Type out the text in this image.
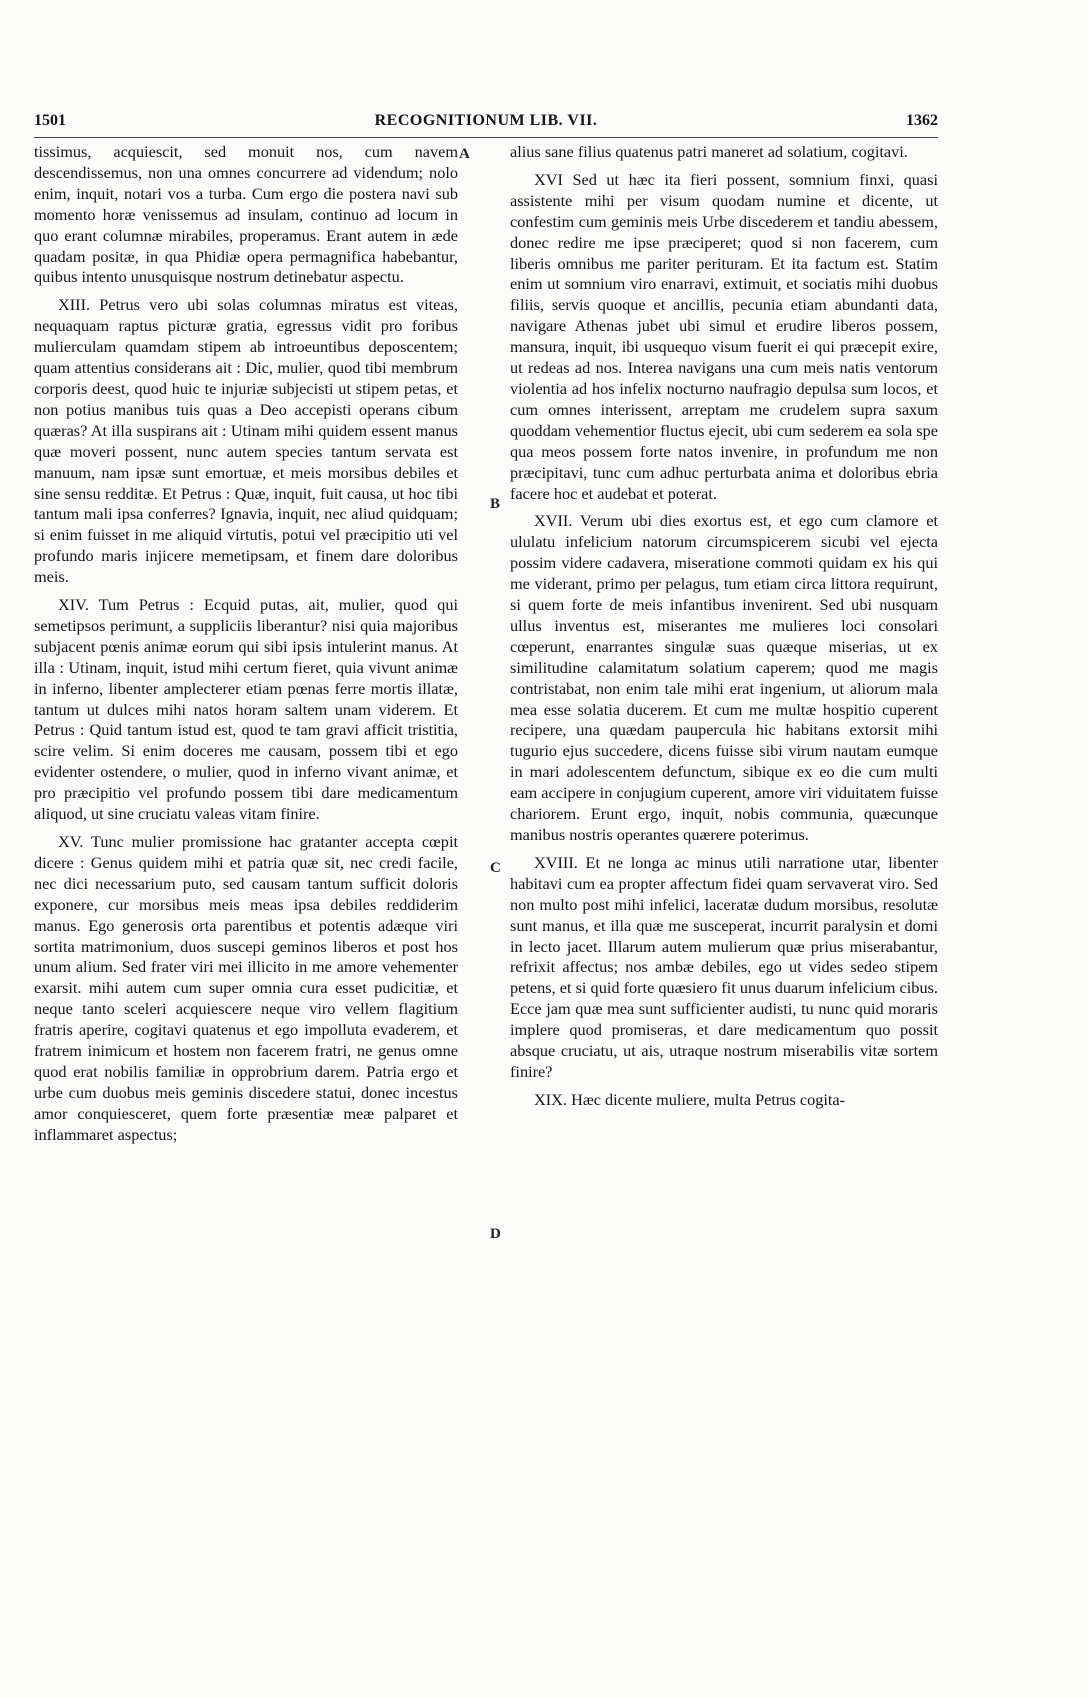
1501	RECOGNITIONUM LIB. VII.	1362

tissimus, acquiescit, sed monuit nos, cum navem descendissemus, non una omnes concurrere ad videndum; nolo enim, inquit, notari vos a turba. Cum ergo die postera navi sub momento horæ venissemus ad insulam, continuo ad locum in quo erant columnæ mirabiles, properamus. Erant autem in æde quadam positæ, in qua Phidiæ opera permagnifica habebantur, quibus intento unusquisque nostrum detinebatur aspectu.

XIII. Petrus vero ubi solas columnas miratus est viteas, nequaquam raptus picturæ gratia, egressus vidit pro foribus mulierculam quamdam stipem ab introeuntibus deposcentem; quam attentius considerans ait : Dic, mulier, quod tibi membrum corporis deest, quod huic te injuriæ subjecisti ut stipem petas, et non potius manibus tuis quas a Deo accepisti operans cibum quæras? At illa suspirans ait : Utinam mihi quidem essent manus quæ moveri possent, nunc autem species tantum servata est manuum, nam ipsæ sunt emortuæ, et meis morsibus debiles et sine sensu redditæ. Et Petrus : Quæ, inquit, fuit causa, ut hoc tibi tantum mali ipsa conferres? Ignavia, inquit, nec aliud quidquam; si enim fuisset in me aliquid virtutis, potui vel præcipitio uti vel profundo maris injicere memetipsam, et finem dare doloribus meis.

XIV. Tum Petrus : Ecquid putas, ait, mulier, quod qui semetipsos perimunt, a suppliciis liberantur? nisi quia majoribus subjacent pœnis animæ eorum qui sibi ipsis intulerint manus. At illa : Utinam, inquit, istud mihi certum fieret, quia vivunt animæ in inferno, libenter amplecterer etiam pœnas ferre mortis illatæ, tantum ut dulces mihi natos horam saltem unam viderem. Et Petrus : Quid tantum istud est, quod te tam gravi afficit tristitia, scire velim. Si enim doceres me causam, possem tibi et ego evidenter ostendere, o mulier, quod in inferno vivant animæ, et pro præcipitio vel profundo possem tibi dare medicamentum aliquod, ut sine cruciatu valeas vitam finire.

XV. Tunc mulier promissione hac gratanter accepta cœpit dicere : Genus quidem mihi et patria quæ sit, nec credi facile, nec dici necessarium puto, sed causam tantum sufficit doloris exponere, cur morsibus meis meas ipsa debiles reddiderim manus. Ego generosis orta parentibus et potentis adæque viri sortita matrimonium, duos suscepi geminos liberos et post hos unum alium. Sed frater viri mei illicito in me amore vehementer exarsit. mihi autem cum super omnia cura esset pudicitiæ, et neque tanto sceleri acquiescere neque viro vellem flagitium fratris aperire, cogitavi quatenus et ego impolluta evaderem, et fratrem inimicum et hostem non facerem fratri, ne genus omne quod erat nobilis familiæ in opprobrium darem. Patria ergo et urbe cum duobus meis geminis discedere statui, donec incestus amor conquiesceret, quem forte præsentiæ meæ palparet et inflammaret aspectus;

A
B
C
D

alius sane filius quatenus patri maneret ad solatium, cogitavi.

XVI Sed ut hæc ita fieri possent, somnium finxi, quasi assistente mihi per visum quodam numine et dicente, ut confestim cum geminis meis Urbe discederem et tandiu abessem, donec redire me ipse præciperet; quod si non facerem, cum liberis omnibus me pariter perituram. Et ita factum est. Statim enim ut somnium viro enarravi, extimuit, et sociatis mihi duobus filiis, servis quoque et ancillis, pecunia etiam abundanti data, navigare Athenas jubet ubi simul et erudire liberos possem, mansura, inquit, ibi usquequo visum fuerit ei qui præcepit exire, ut redeas ad nos. Interea navigans una cum meis natis ventorum violentia ad hos infelix nocturno naufragio depulsa sum locos, et cum omnes interissent, arreptam me crudelem supra saxum quoddam vehementior fluctus ejecit, ubi cum sederem ea sola spe qua meos possem forte natos invenire, in profundum me non præcipitavi, tunc cum adhuc perturbata anima et doloribus ebria facere hoc et audebat et poterat.

XVII. Verum ubi dies exortus est, et ego cum clamore et ululatu infelicium natorum circumspicerem sicubi vel ejecta possim videre cadavera, miseratione commoti quidam ex his qui me viderant, primo per pelagus, tum etiam circa littora requirunt, si quem forte de meis infantibus invenirent. Sed ubi nusquam ullus inventus est, miserantes me mulieres loci consolari cœperunt, enarrantes singulæ suas quæque miserias, ut ex similitudine calamitatum solatium caperem; quod me magis contristabat, non enim tale mihi erat ingenium, ut aliorum mala mea esse solatia ducerem. Et cum me multæ hospitio cuperent recipere, una quædam paupercula hic habitans extorsit mihi tugurio ejus succedere, dicens fuisse sibi virum nautam eumque in mari adolescentem defunctum, sibique ex eo die cum multi eam accipere in conjugium cuperent, amore viri viduitatem fuisse chariorem. Erunt ergo, inquit, nobis communia, quæcunque manibus nostris operantes quærere poterimus.

XVIII. Et ne longa ac minus utili narratione utar, libenter habitavi cum ea propter affectum fidei quam servaverat viro. Sed non multo post mihi infelici, laceratæ dudum morsibus, resolutæ sunt manus, et illa quæ me susceperat, incurrit paralysin et domi in lecto jacet. Illarum autem mulierum quæ prius miserabantur, refrixit affectus; nos ambæ debiles, ego ut vides sedeo stipem petens, et si quid forte quæsiero fit unus duarum infelicium cibus. Ecce jam quæ mea sunt sufficienter audisti, tu nunc quid moraris implere quod promiseras, et dare medicamentum quo possit absque cruciatu, ut ais, utraque nostrum miserabilis vitæ sortem finire?

XIX. Hæc dicente muliere, multa Petrus cogita-
